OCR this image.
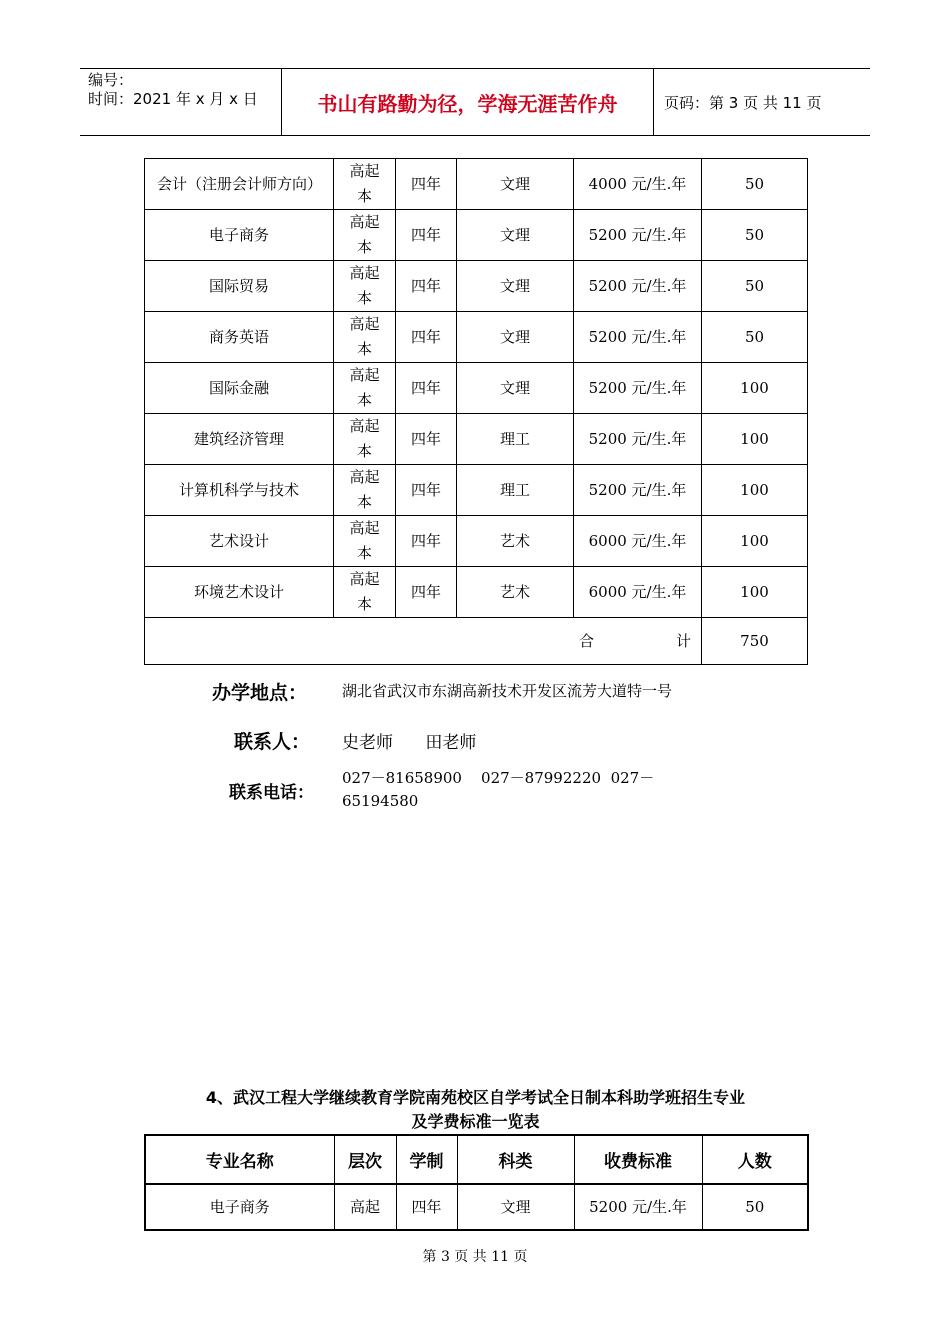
编号：
时间：2021 年 x 月 x 日	书山有路勤为径，学海无涯苦作舟	页码：第 3 页 共 11 页
会计（注册会计师方向）	高起本	四年	文理	4000 元/生.年	50
电子商务	高起本	四年	文理	5200 元/生.年	50
国际贸易	高起本	四年	文理	5200 元/生.年	50
商务英语	高起本	四年	文理	5200 元/生.年	50
国际金融	高起本	四年	文理	5200 元/生.年	100
建筑经济管理	高起本	四年	理工	5200 元/生.年	100
计算机科学与技术	高起本	四年	理工	5200 元/生.年	100
艺术设计	高起本	四年	艺术	6000 元/生.年	100
环境艺术设计	高起本	四年	艺术	6000 元/生.年	100
合 计					750
办学地点： 湖北省武汉市东湖高新技术开发区流芳大道特一号
联系人： 史老师      田老师
联系电话：
027－81658900    027－87992220  027－
65194580
4、武汉工程大学继续教育学院南苑校区自学考试全日制本科助学班招生专业
及学费标准一览表
专业名称	层次	学制	科类	收费标准	人数
电子商务	高起	四年	文理	5200 元/生.年	50
第 3 页 共 11 页
